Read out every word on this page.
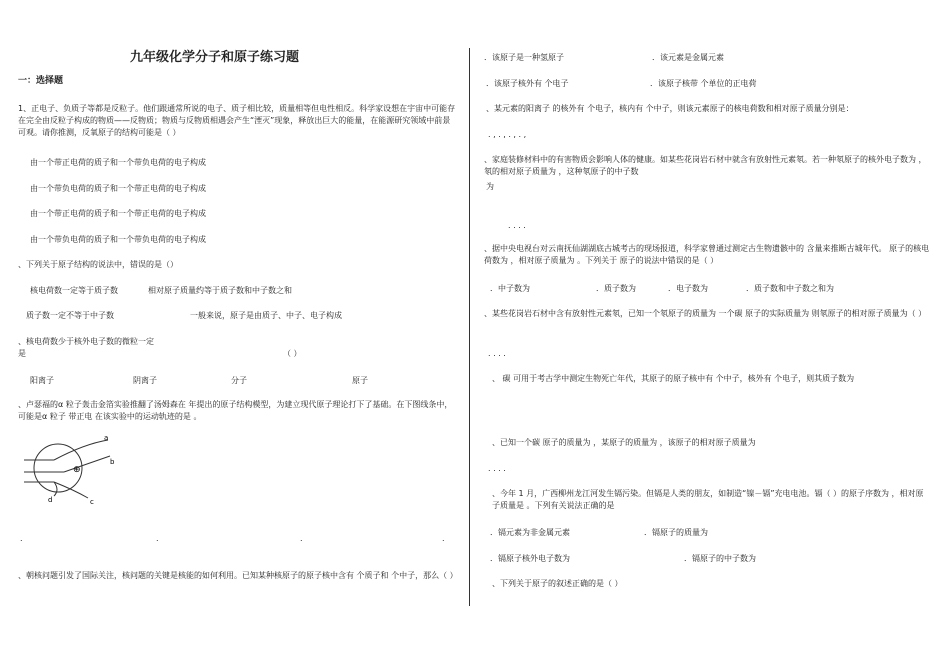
九年级化学分子和原子练习题
一：选择题
1、正电子、负质子等都是反粒子。他们跟通常所说的电子、质子相比较，质量相等但电性相反。科学家设想在宇宙中可能存在完全由反粒子构成的物质——反物质；物质与反物质相遇会产生“湮灭”现象，释放出巨大的能量，在能源研究领域中前景可观。请你推测，反氧原子的结构可能是（ ）
由一个带正电荷的质子和一个带负电荷的电子构成
由一个带负电荷的质子和一个带正电荷的电子构成
由一个带正电荷的质子和一个带正电荷的电子构成
由一个带负电荷的质子和一个带负电荷的电子构成
、下列关于原子结构的说法中，错误的是（）
核电荷数一定等于质子数	相对原子质量约等于质子数和中子数之和
质子数一定不等于中子数	一般来说，原子是由质子、中子、电子构成
、核电荷数少于核外电子数的微粒一定
是	（ ）
阳离子	阴离子	分子	原子
、卢瑟福的α 粒子轰击金箔实验推翻了汤姆森在 年提出的原子结构模型，为建立现代原子理论打下了基础。在下图线条中，可能是α 粒子 带正电 在该实验中的运动轨迹的是 。
⊕
a
b
c
d
.	.	.	.
、朝核问题引发了国际关注，核问题的关键是核能的如何利用。已知某种核原子的原子核中含有 个质子和 个中子，那么（ ）
．该原子是一种氢原子	．该元素是金属元素
．该原子核外有 个电子	．该原子核带 个单位的正电荷
、某元素的阳离子 的核外有 个电子，核内有 个中子，则该元素原子的核电荷数和相对原子质量分别是：
. , . , . , . ,
、家庭装修材料中的有害物质会影响人体的健康。如某些花岗岩石材中就含有放射性元素氡。若一种氡原子的核外电子数为 ，氡的相对原子质量为 ，这种氡原子的中子数
为
. . . .
、据中央电视台对云南抚仙湖湖底古城考古的现场报道，科学家曾通过测定古生物遗骸中的 含量来推断古城年代。 原子的核电荷数为 ，相对原子质量为 。下列关于 原子的说法中错误的是（ ）
．中子数为	．质子数为	．电子数为	．质子数和中子数之和为
、某些花岗岩石材中含有放射性元素氡，已知一个氡原子的质量为 一个碳 原子的实际质量为 则氡原子的相对原子质量为（ ）
. . . .
、 碳 可用于考古学中测定生物死亡年代，其原子的原子核中有 个中子，核外有 个电子，则其质子数为
、已知一个碳 原子的质量为 ，某原子的质量为 ，该原子的相对原子质量为
. . . .
、今年 1 月，广西柳州龙江河发生镉污染。但镉是人类的朋友，如制造“镍－镉”充电电池。镉（ ）的原子序数为 ，相对原子质量是 。下列有关说法正确的是
．镉元素为非金属元素	．镉原子的质量为
．镉原子核外电子数为	．镉原子的中子数为
、下列关于原子的叙述正确的是（ ）
